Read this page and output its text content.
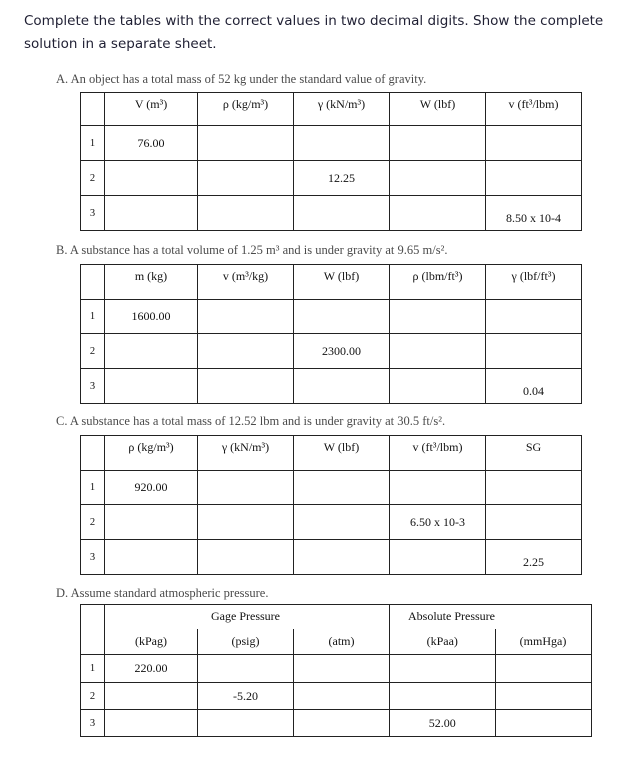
Complete the tables with the correct values in two decimal digits. Show the complete
solution in a separate sheet.
A. An object has a total mass of 52 kg under the standard value of gravity.
	V (m³)	ρ (kg/m³)	γ (kN/m³)	W (lbf)	v (ft³/lbm)
1	76.00				
2			12.25		
3					8.50 x 10-4
B. A substance has a total volume of 1.25 m³ and is under gravity at 9.65 m/s².
	m (kg)	v (m³/kg)	W (lbf)	ρ (lbm/ft³)	γ (lbf/ft³)
1	1600.00				
2			2300.00		
3					0.04
C. A substance has a total mass of 12.52 lbm and is under gravity at 30.5 ft/s².
	ρ (kg/m³)	γ (kN/m³)	W (lbf)	v (ft³/lbm)	SG
1	920.00				
2				6.50 x 10-3	
3					2.25
D. Assume standard atmospheric pressure.
		Gage Pressure		Absolute Pressure	
	(kPag)	(psig)	(atm)	(kPaa)	(mmHga)
1	220.00				
2		-5.20			
3				52.00	
